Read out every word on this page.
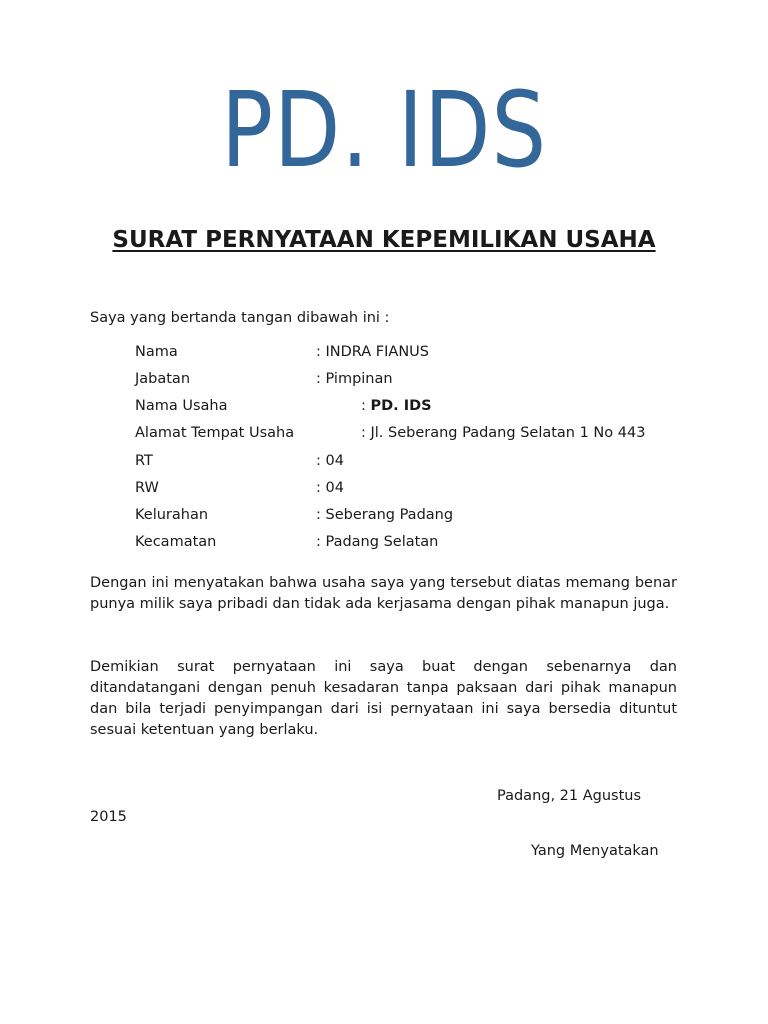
PD. IDS
SURAT PERNYATAAN KEPEMILIKAN USAHA
Saya yang bertanda tangan dibawah ini :
Nama	: INDRA FIANUS
Jabatan	: Pimpinan
Nama Usaha	: PD. IDS
Alamat Tempat Usaha	: Jl. Seberang Padang Selatan 1 No 443
RT	: 04
RW	: 04
Kelurahan	: Seberang Padang
Kecamatan	: Padang Selatan
Dengan ini menyatakan bahwa usaha saya yang tersebut diatas memang benar punya milik saya pribadi dan tidak ada kerjasama dengan pihak manapun juga.
Demikian surat pernyataan ini saya buat dengan sebenarnya dan ditandatangani dengan penuh kesadaran tanpa paksaan dari pihak manapun dan bila terjadi penyimpangan dari isi pernyataan ini saya bersedia dituntut sesuai ketentuan yang berlaku.
Padang, 21 Agustus
2015
Yang Menyatakan
